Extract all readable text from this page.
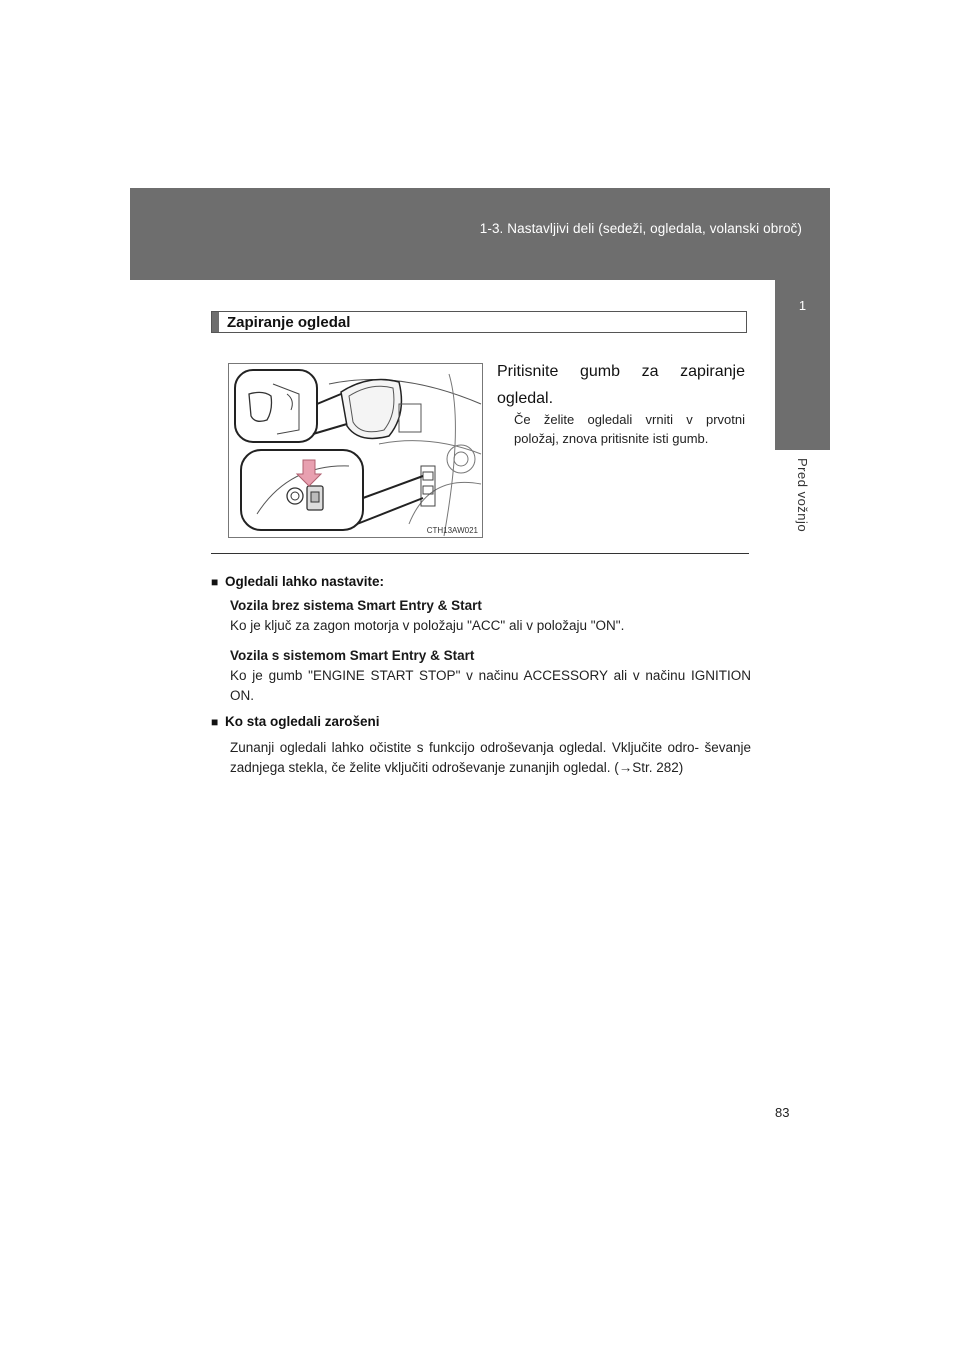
1-3. Nastavljivi deli (sedeži, ogledala, volanski obroč)
1
Pred vožnjo
Zapiranje ogledal
CTH13AW021
Pritisnite gumb za zapiranje ogledal.
Če želite ogledali vrniti v prvotni položaj, znova pritisnite isti gumb.
■ Ogledali lahko nastavite:
Vozila brez sistema Smart Entry & Start
Ko je ključ za zagon motorja v položaju "ACC" ali v položaju "ON".
Vozila s sistemom Smart Entry & Start
Ko je gumb "ENGINE START STOP" v načinu ACCESSORY ali v načinu IGNITION ON.
■ Ko sta ogledali zarošeni
Zunanji ogledali lahko očistite s funkcijo odroševanja ogledal. Vključite odro- ševanje zadnjega stekla, če želite vključiti odroševanje zunanjih ogledal. (→Str. 282)
83
